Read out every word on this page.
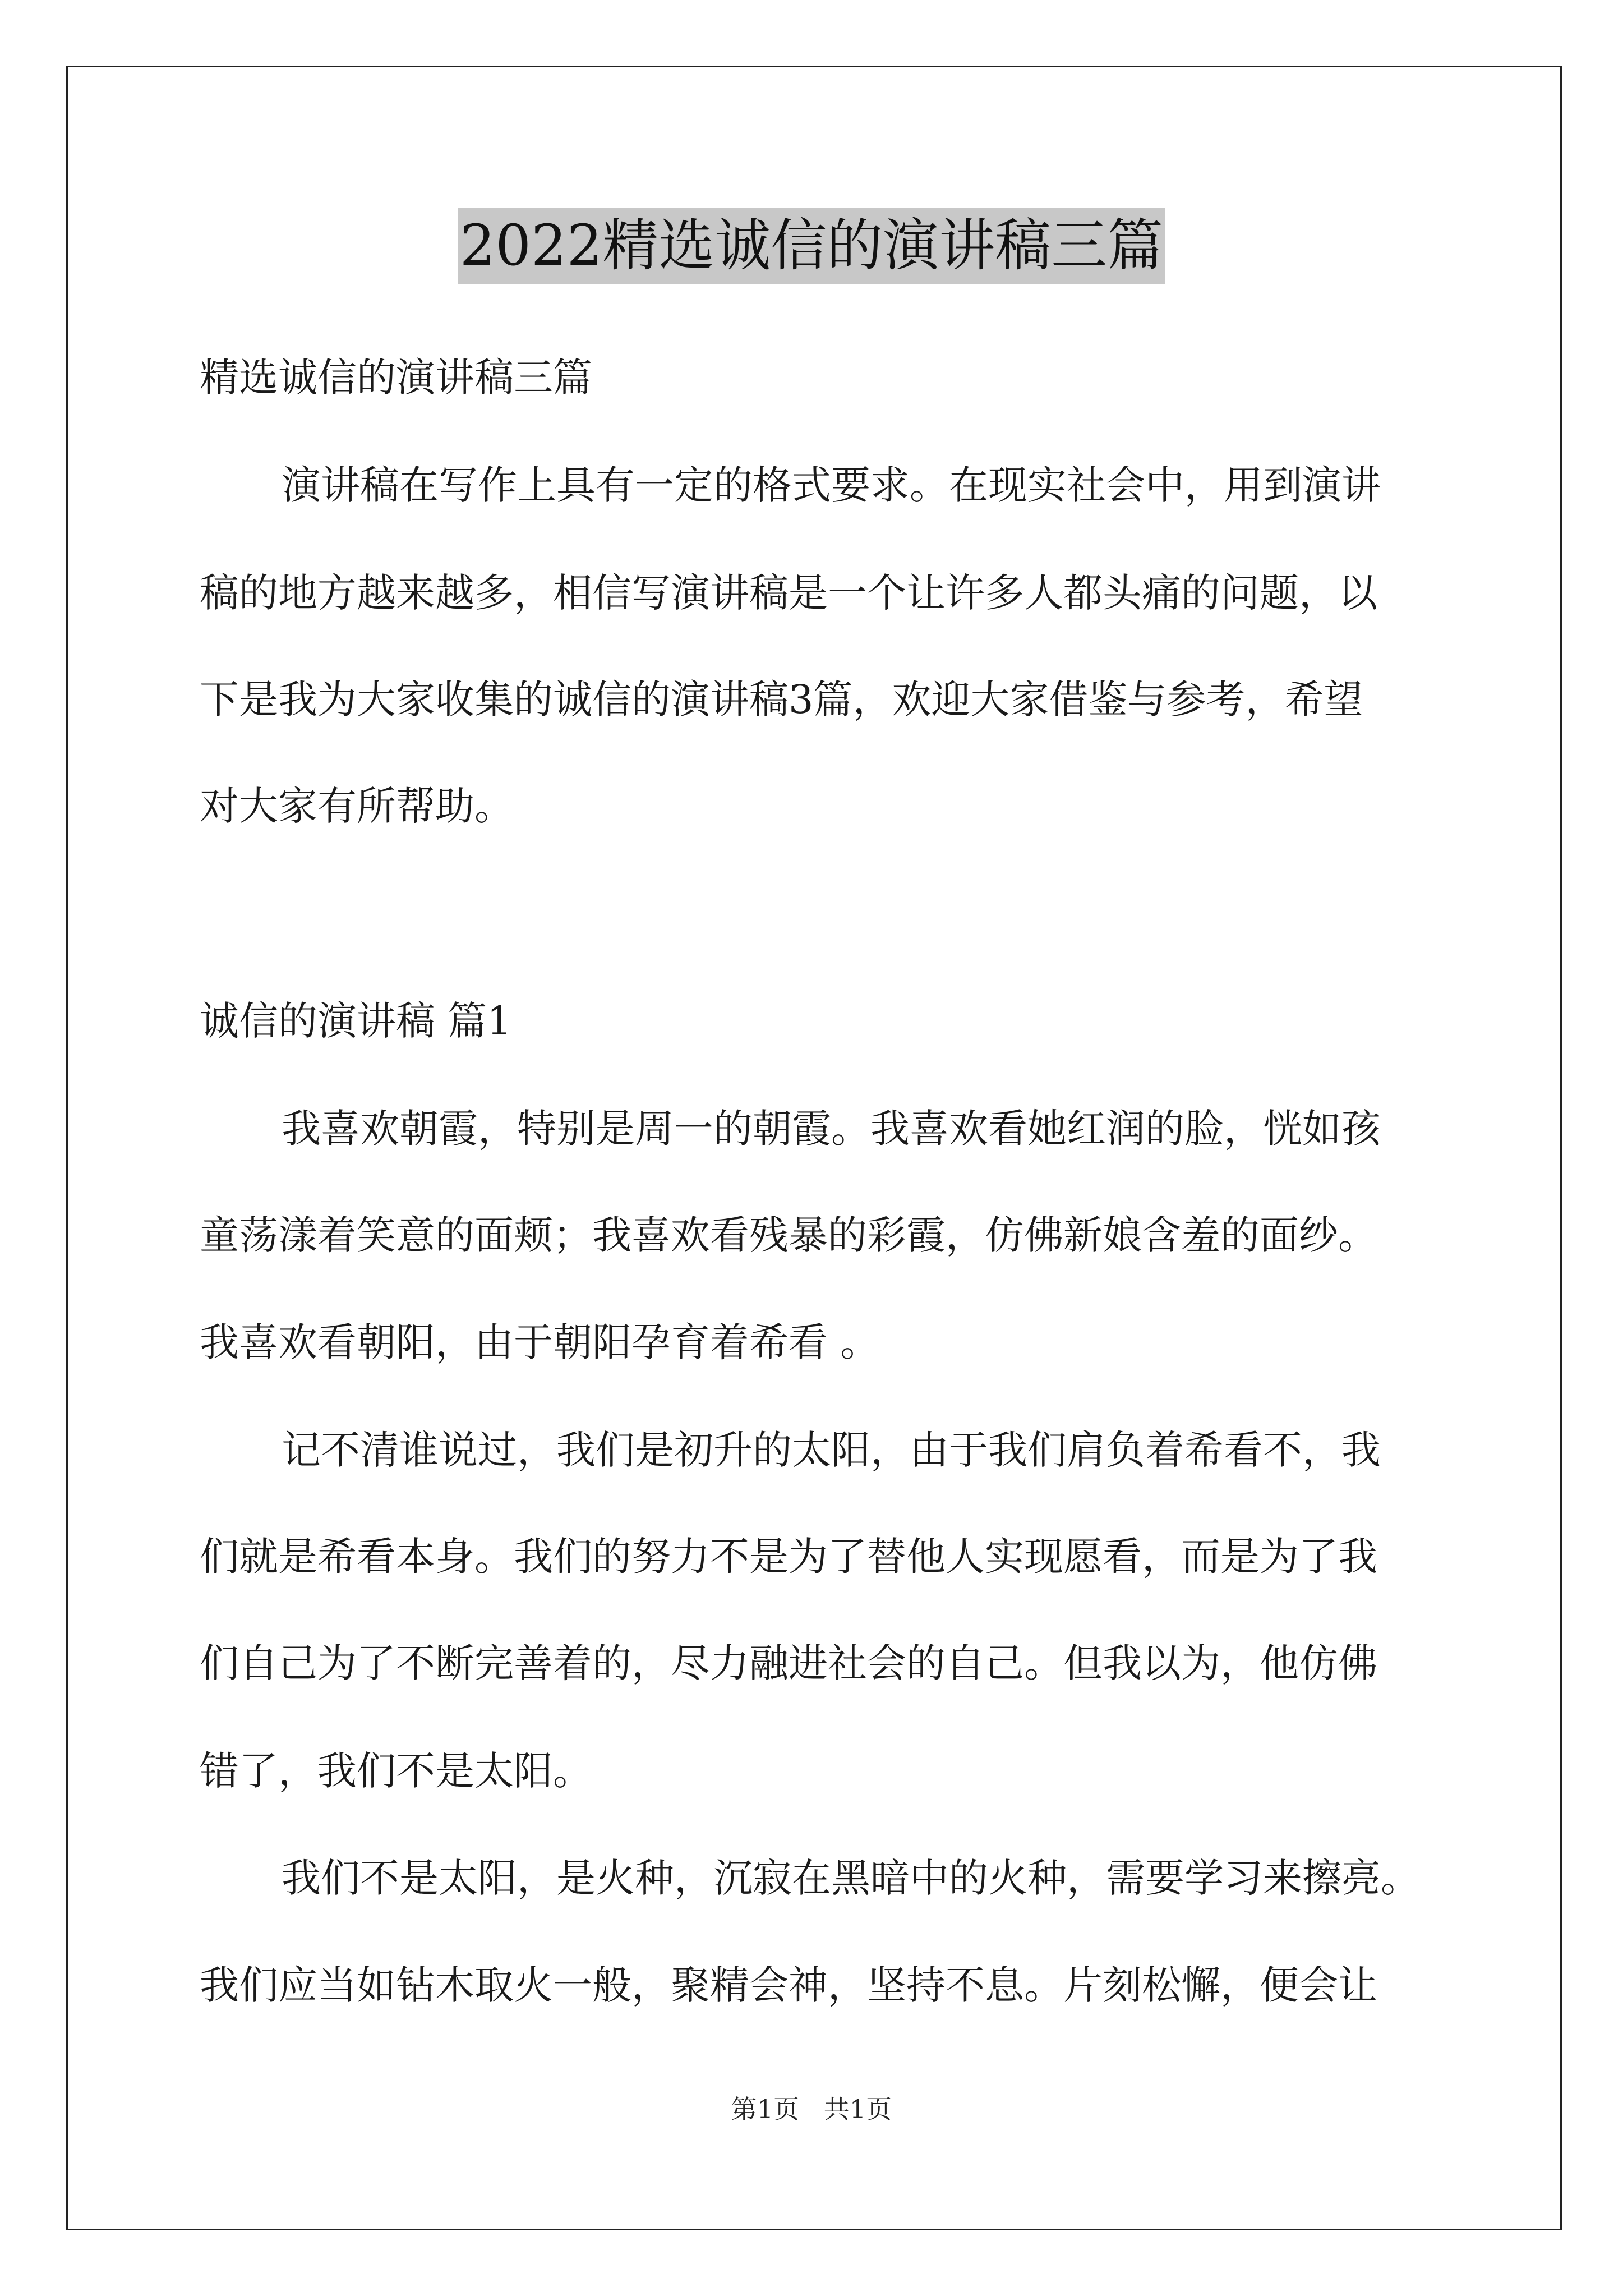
2022精选诚信的演讲稿三篇
精选诚信的演讲稿三篇
演讲稿在写作上具有一定的格式要求。在现实社会中，用到演讲
稿的地方越来越多，相信写演讲稿是一个让许多人都头痛的问题，以
下是我为大家收集的诚信的演讲稿3篇，欢迎大家借鉴与参考，希望
对大家有所帮助。
诚信的演讲稿 篇1
我喜欢朝霞，特别是周一的朝霞。我喜欢看她红润的脸，恍如孩
童荡漾着笑意的面颊；我喜欢看残暴的彩霞，仿佛新娘含羞的面纱。
我喜欢看朝阳，由于朝阳孕育着希看 。
记不清谁说过，我们是初升的太阳，由于我们肩负着希看不，我
们就是希看本身。我们的努力不是为了替他人实现愿看，而是为了我
们自己为了不断完善着的，尽力融进社会的自己。但我以为，他仿佛
错了，我们不是太阳。
我们不是太阳，是火种，沉寂在黑暗中的火种，需要学习来擦亮。
我们应当如钻木取火一般，聚精会神，坚持不息。片刻松懈，便会让
第1页   共1页
